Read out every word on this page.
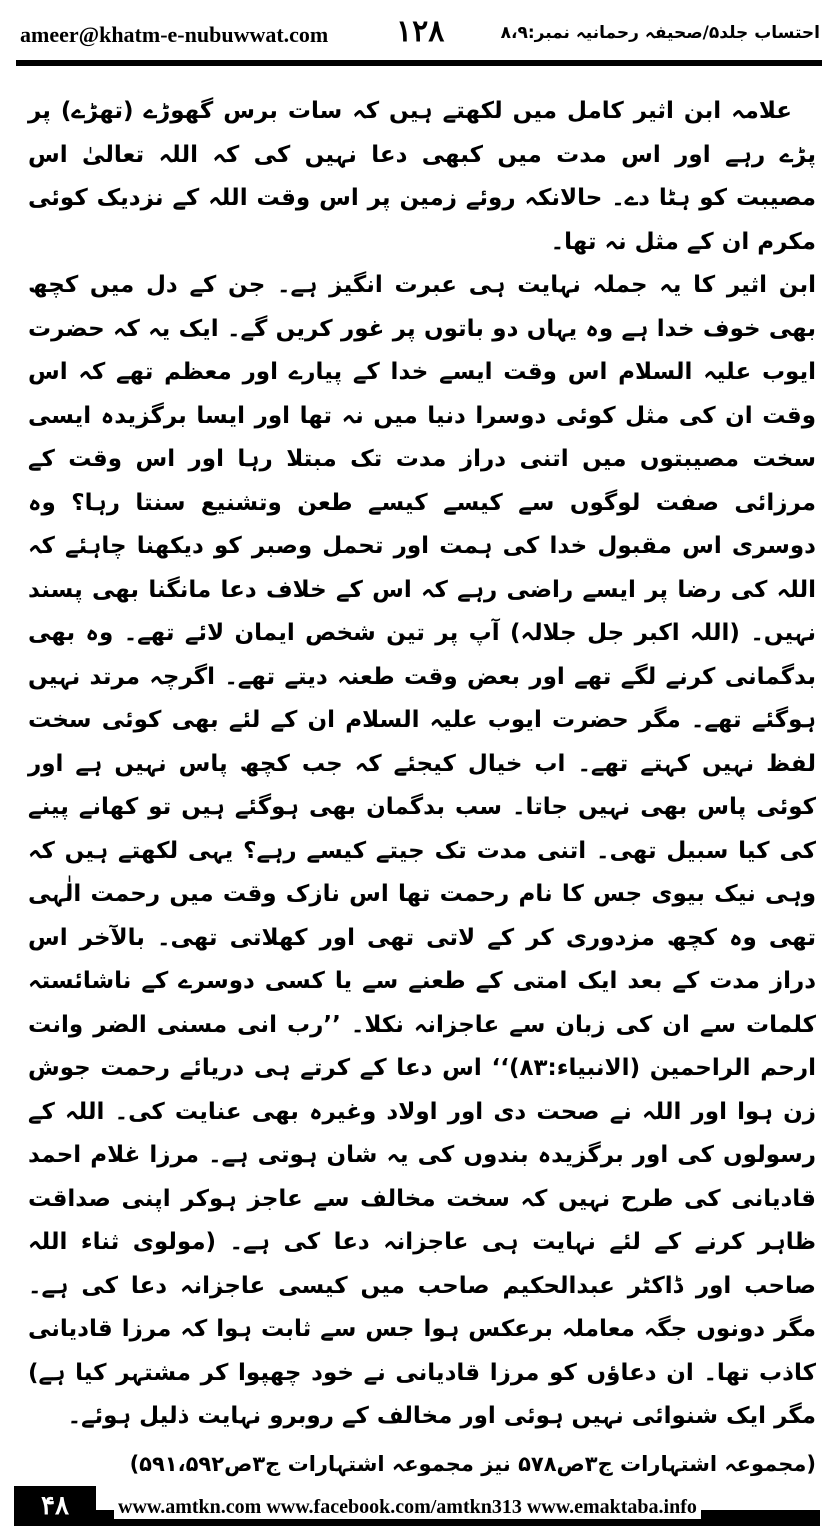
ameer@khatm-e-nubuwwat.com ۱۲۸	احتساب جلد۵/صحیفہ رحمانیہ نمبر:۸،۹

علامہ ابن اثیر کامل میں لکھتے ہیں کہ سات برس گھوڑے (تھڑے) پر پڑے رہے اور اس مدت میں کبھی دعا نہیں کی کہ اللہ تعالیٰ اس مصیبت کو ہٹا دے۔ حالانکہ روئے زمین پر اس وقت اللہ کے نزدیک کوئی مکرم ان کے مثل نہ تھا۔

ابن اثیر کا یہ جملہ نہایت ہی عبرت انگیز ہے۔ جن کے دل میں کچھ بھی خوف خدا ہے وہ یہاں دو باتوں پر غور کریں گے۔ ایک یہ کہ حضرت ایوب علیہ السلام اس وقت ایسے خدا کے پیارے اور معظم تھے کہ اس وقت ان کی مثل کوئی دوسرا دنیا میں نہ تھا اور ایسا برگزیدہ ایسی سخت مصیبتوں میں اتنی دراز مدت تک مبتلا رہا اور اس وقت کے مرزائی صفت لوگوں سے کیسے کیسے طعن وتشنیع سنتا رہا؟ وہ دوسری اس مقبول خدا کی ہمت اور تحمل وصبر کو دیکھنا چاہئے کہ اللہ کی رضا پر ایسے راضی رہے کہ اس کے خلاف دعا مانگنا بھی پسند نہیں۔ (اللہ اکبر جل جلالہ) آپ پر تین شخص ایمان لائے تھے۔ وہ بھی بدگمانی کرنے لگے تھے اور بعض وقت طعنہ دیتے تھے۔ اگرچہ مرتد نہیں ہوگئے تھے۔ مگر حضرت ایوب علیہ السلام ان کے لئے بھی کوئی سخت لفظ نہیں کہتے تھے۔ اب خیال کیجئے کہ جب کچھ پاس نہیں ہے اور کوئی پاس بھی نہیں جاتا۔ سب بدگمان بھی ہوگئے ہیں تو کھانے پینے کی کیا سبیل تھی۔ اتنی مدت تک جیتے کیسے رہے؟ یہی لکھتے ہیں کہ وہی نیک بیوی جس کا نام رحمت تھا اس نازک وقت میں رحمت الٰہی تھی وہ کچھ مزدوری کر کے لاتی تھی اور کھلاتی تھی۔ بالآخر اس دراز مدت کے بعد ایک امتی کے طعنے سے یا کسی دوسرے کے ناشائستہ کلمات سے ان کی زبان سے عاجزانہ نکلا۔ ’’رب انی مسنی الضر وانت ارحم الراحمین (الانبیاء:۸۳)‘‘ اس دعا کے کرتے ہی دریائے رحمت جوش زن ہوا اور اللہ نے صحت دی اور اولاد وغیرہ بھی عنایت کی۔ اللہ کے رسولوں کی اور برگزیدہ بندوں کی یہ شان ہوتی ہے۔ مرزا غلام احمد قادیانی کی طرح نہیں کہ سخت مخالف سے عاجز ہوکر اپنی صداقت ظاہر کرنے کے لئے نہایت ہی عاجزانہ دعا کی ہے۔ (مولوی ثناء اللہ صاحب اور ڈاکٹر عبدالحکیم صاحب میں کیسی عاجزانہ دعا کی ہے۔ مگر دونوں جگہ معاملہ برعکس ہوا جس سے ثابت ہوا کہ مرزا قادیانی کاذب تھا۔ ان دعاؤں کو مرزا قادیانی نے خود چھپوا کر مشتہر کیا ہے) مگر ایک شنوائی نہیں ہوئی اور مخالف کے روبرو نہایت ذلیل ہوئے۔

(مجموعہ اشتہارات ج۳ص۵۷۸ نیز مجموعہ اشتہارات ج۳ص۵۹۱،۵۹۲)

۴۸	www.amtkn.com www.facebook.com/amtkn313 www.emaktaba.info
